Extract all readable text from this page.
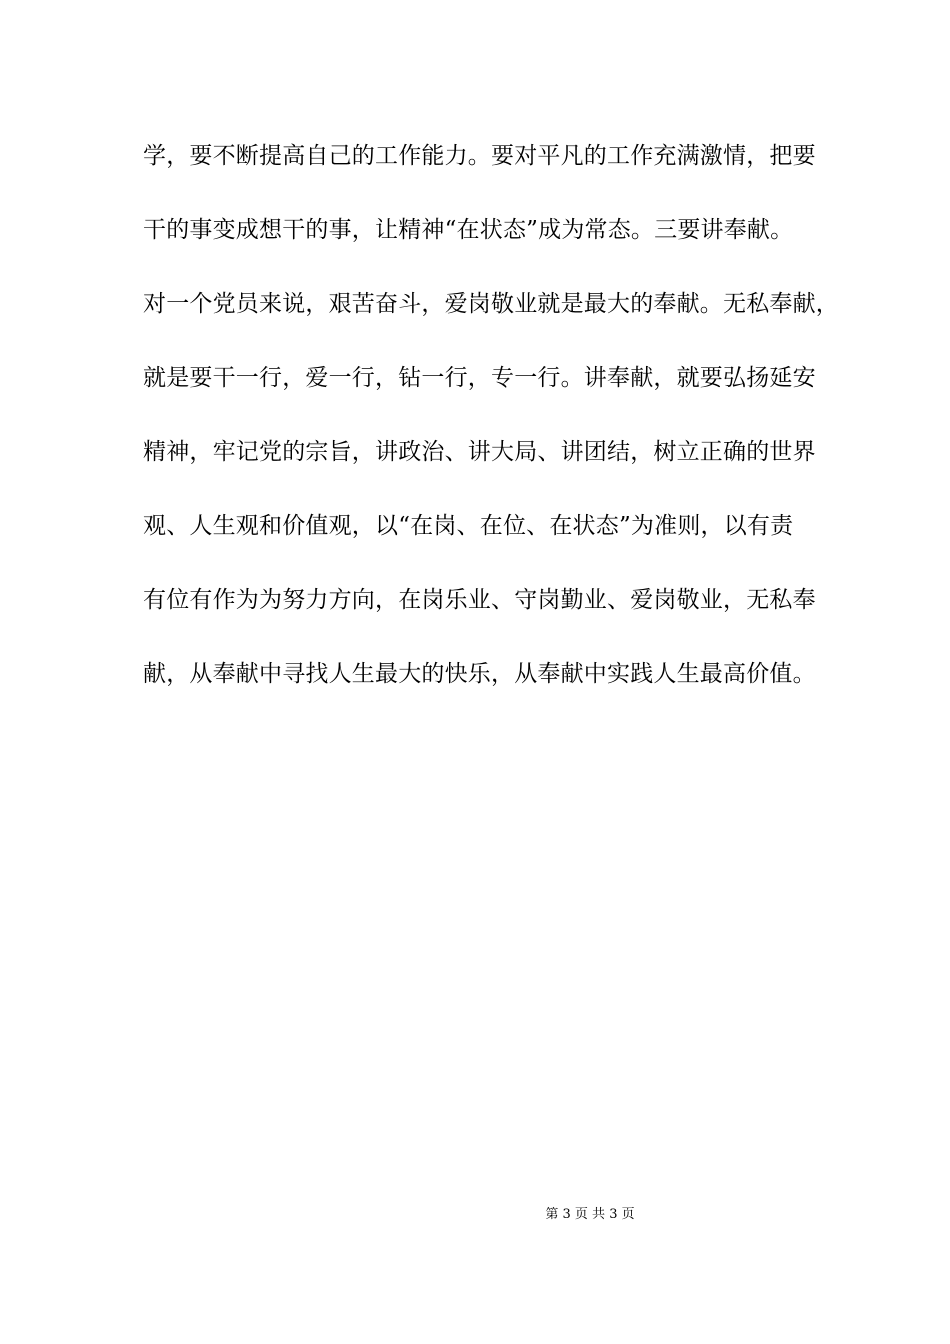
学，要不断提高自己的工作能力。要对平凡的工作充满激情，把要
干的事变成想干的事，让精神“在状态”成为常态。三要讲奉献。
对一个党员来说，艰苦奋斗，爱岗敬业就是最大的奉献。无私奉献，
就是要干一行，爱一行，钻一行，专一行。讲奉献，就要弘扬延安
精神，牢记党的宗旨，讲政治、讲大局、讲团结，树立正确的世界
观、人生观和价值观，以“在岗、在位、在状态”为准则，以有责
有位有作为为努力方向，在岗乐业、守岗勤业、爱岗敬业，无私奉
献，从奉献中寻找人生最大的快乐，从奉献中实践人生最高价值。
第 3 页 共 3 页
